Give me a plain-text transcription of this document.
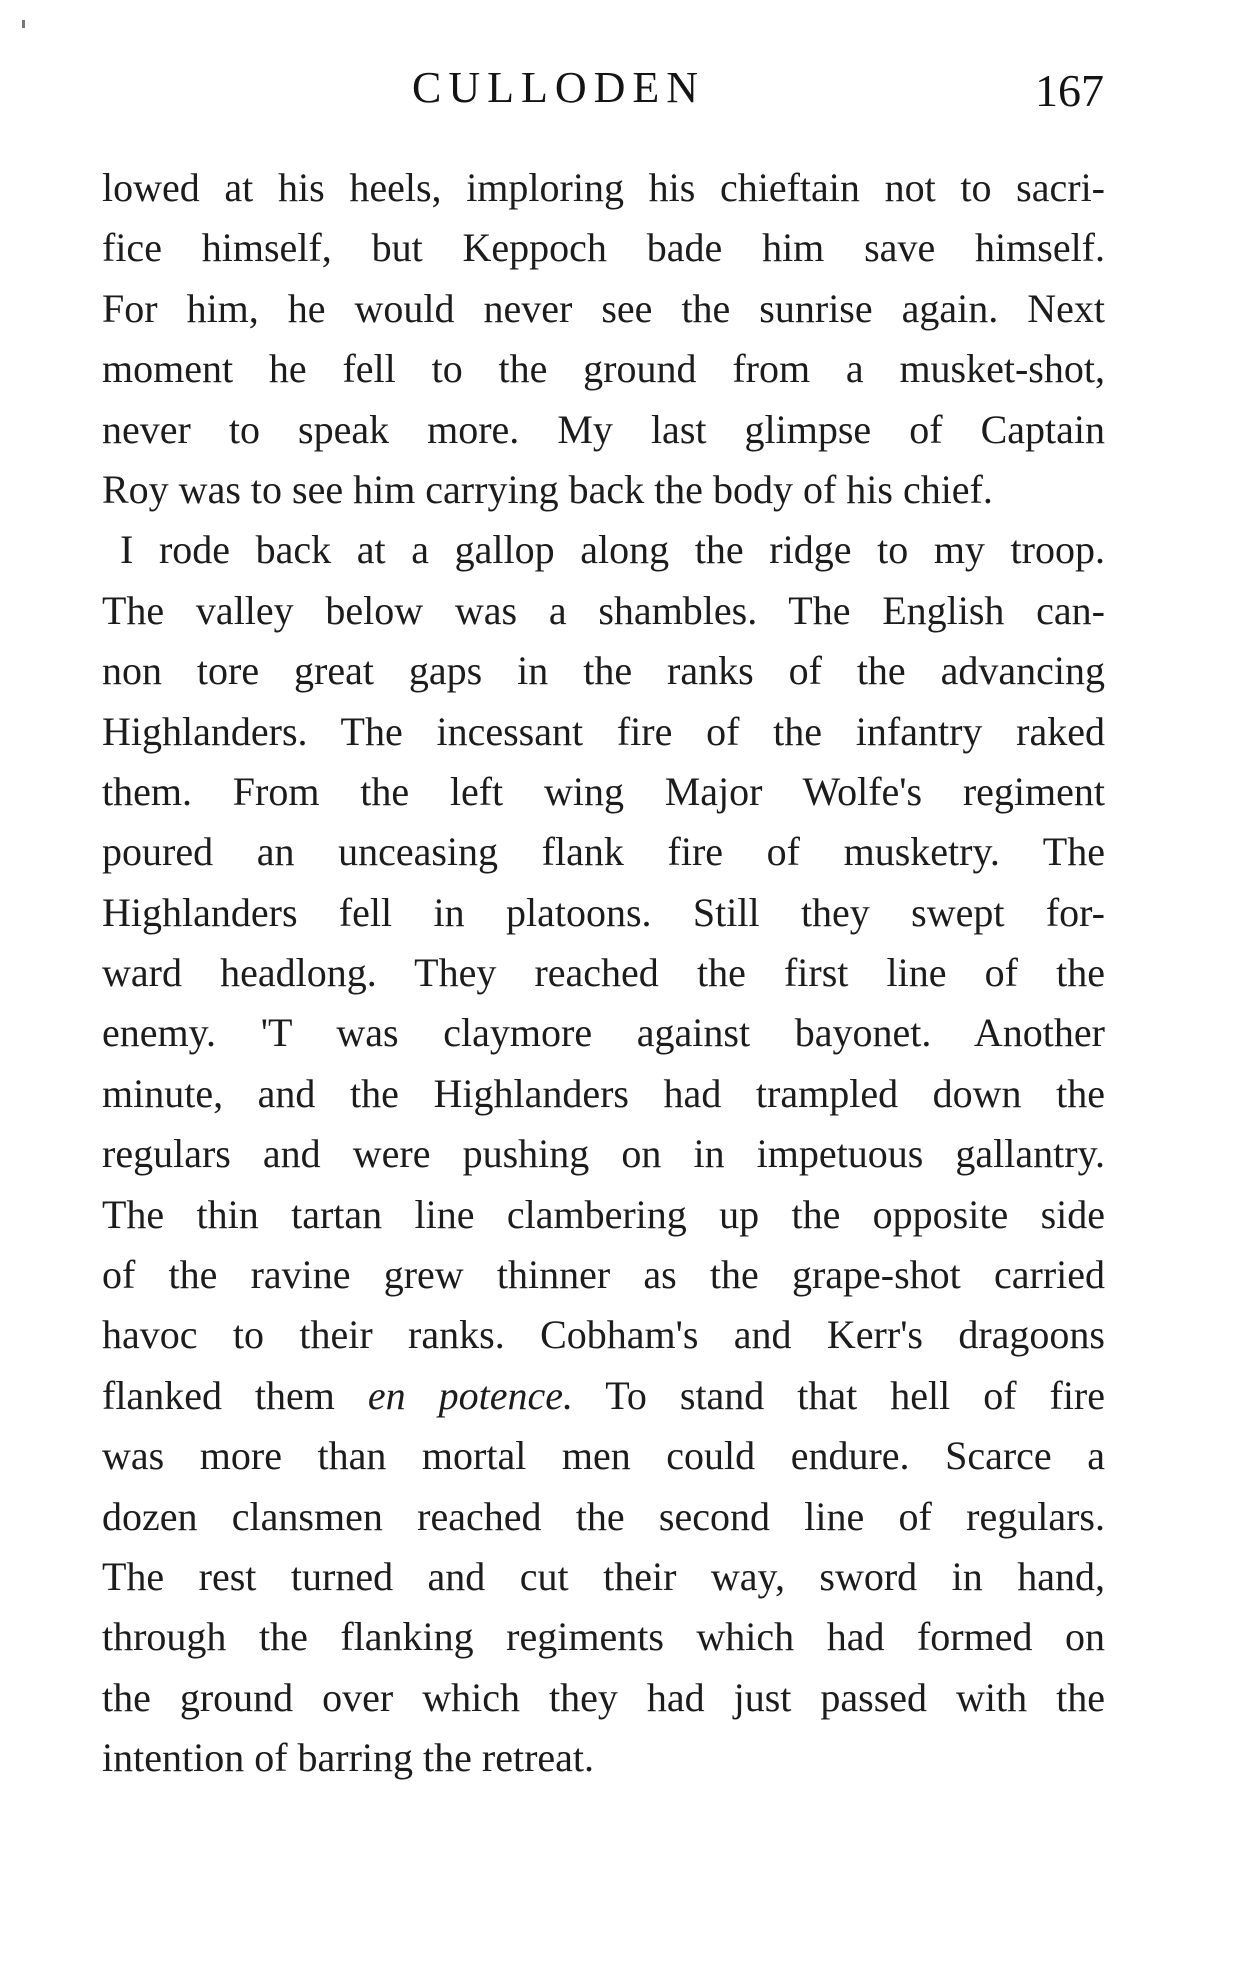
CULLODEN	167
lowed at his heels, imploring his chieftain not to sacri-
fice himself, but Keppoch bade him save himself.
For him, he would never see the sunrise again. Next
moment he fell to the ground from a musket-shot,
never to speak more. My last glimpse of Captain
Roy was to see him carrying back the body of his chief.
I rode back at a gallop along the ridge to my troop.
The valley below was a shambles. The English can-
non tore great gaps in the ranks of the advancing
Highlanders. The incessant fire of the infantry raked
them. From the left wing Major Wolfe's regiment
poured an unceasing flank fire of musketry. The
Highlanders fell in platoons. Still they swept for-
ward headlong. They reached the first line of the
enemy. 'T was claymore against bayonet. Another
minute, and the Highlanders had trampled down the
regulars and were pushing on in impetuous gallantry.
The thin tartan line clambering up the opposite side
of the ravine grew thinner as the grape-shot carried
havoc to their ranks. Cobham's and Kerr's dragoons
flanked them en potence. To stand that hell of fire
was more than mortal men could endure. Scarce a
dozen clansmen reached the second line of regulars.
The rest turned and cut their way, sword in hand,
through the flanking regiments which had formed on
the ground over which they had just passed with the
intention of barring the retreat.
